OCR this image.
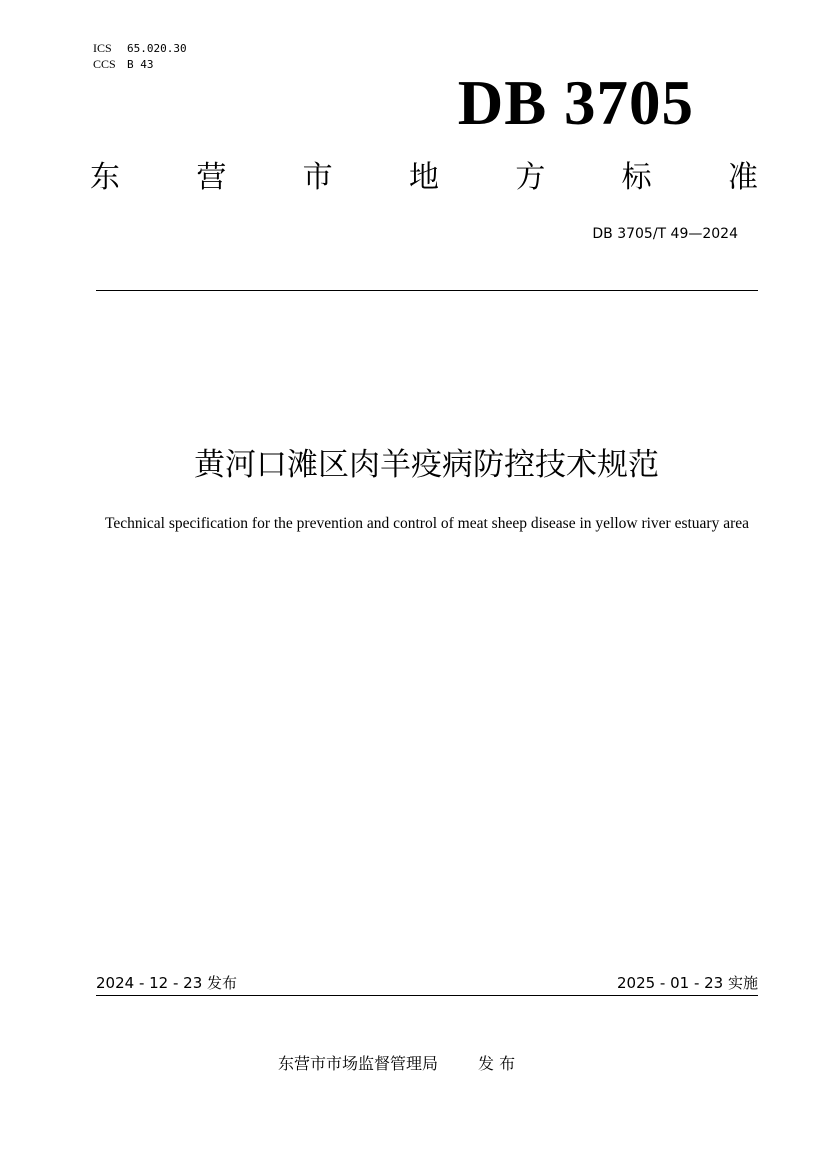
ICS 65.020.30
CCS B 43
DB 3705
东	营	市	地	方	标	准
DB 3705/T 49—2024
黄河口滩区肉羊疫病防控技术规范
Technical specification for the prevention and control of meat sheep disease in yellow river estuary area
2024 - 12 - 23 发布	2025 - 01 - 23 实施
东营市市场监督管理局	发 布
